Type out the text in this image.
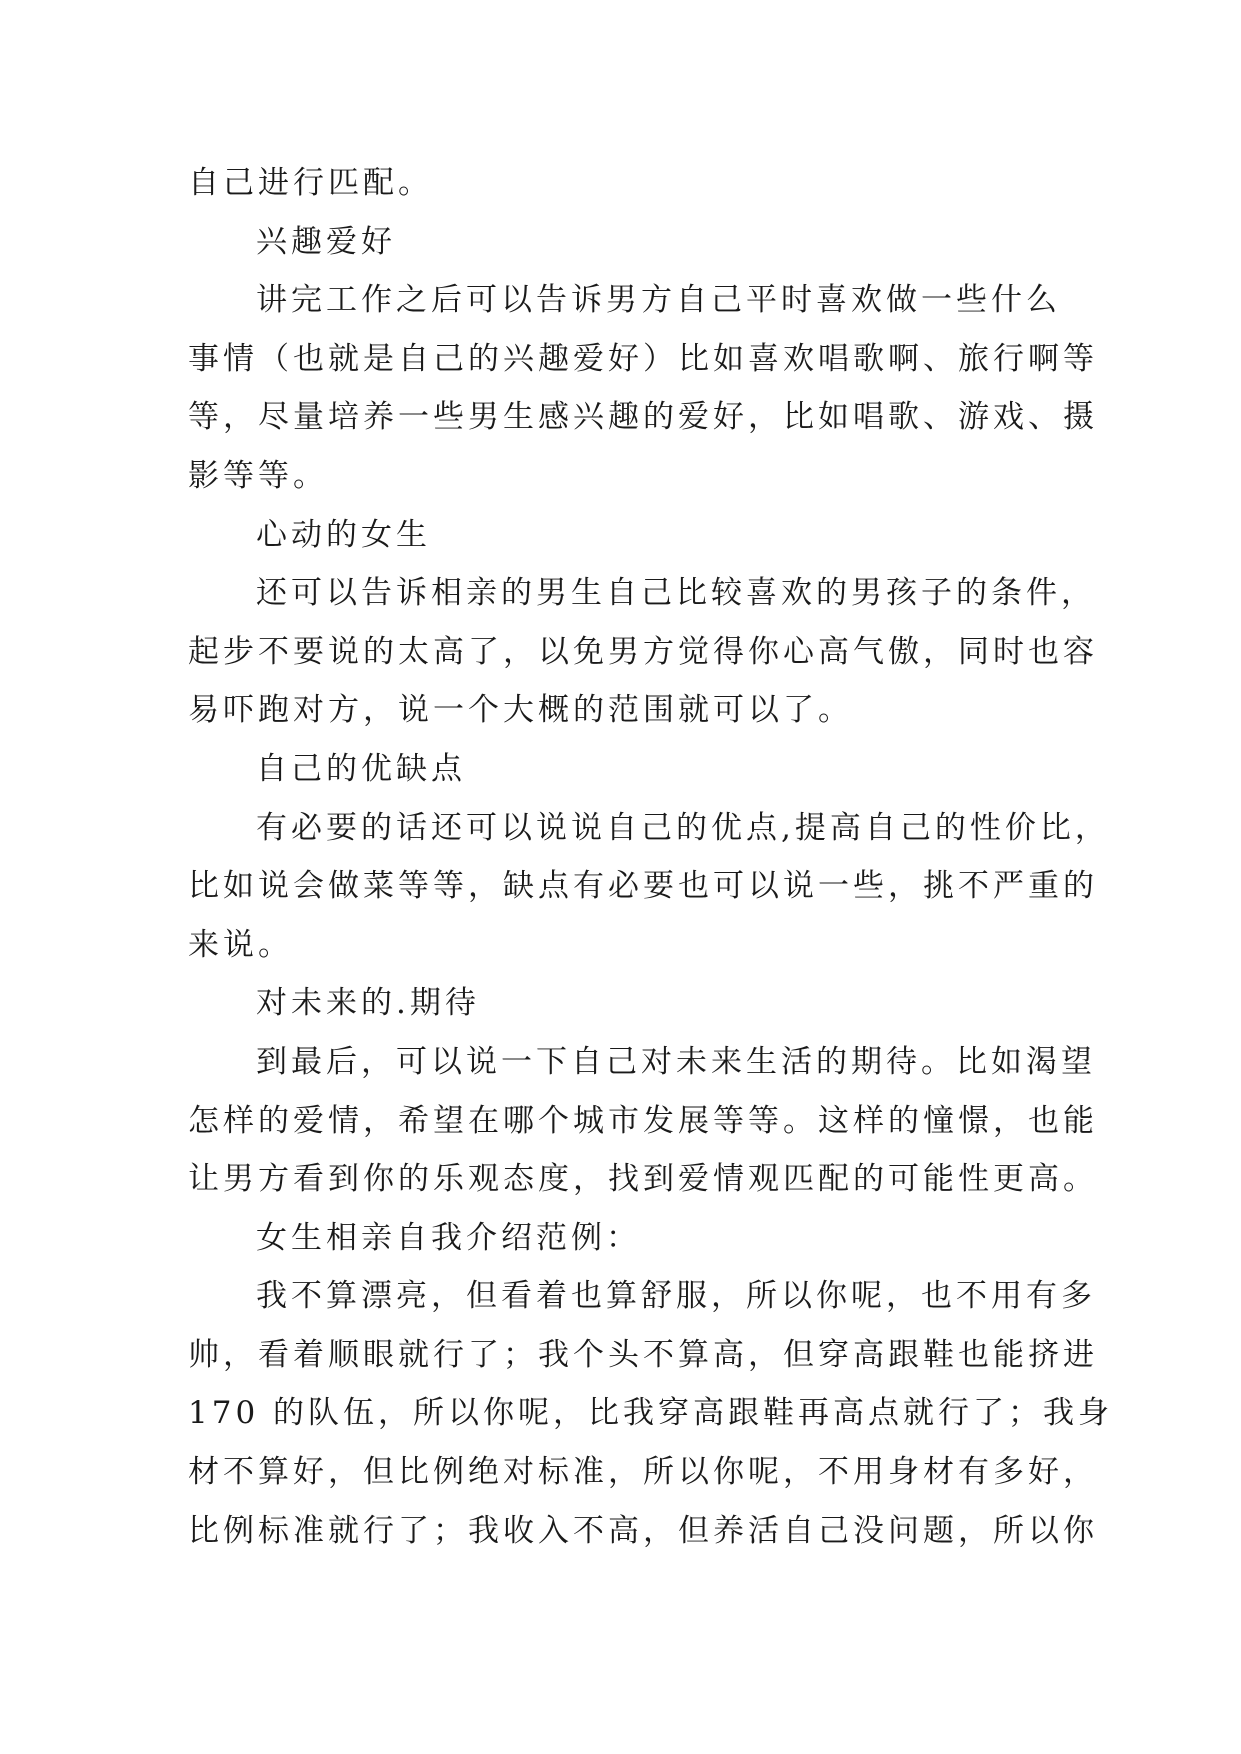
自己进行匹配。

兴趣爱好

讲完工作之后可以告诉男方自己平时喜欢做一些什么

事情（也就是自己的兴趣爱好）比如喜欢唱歌啊、旅行啊等

等，尽量培养一些男生感兴趣的爱好，比如唱歌、游戏、摄

影等等。

心动的女生

还可以告诉相亲的男生自己比较喜欢的男孩子的条件，

起步不要说的太高了，以免男方觉得你心高气傲，同时也容

易吓跑对方，说一个大概的范围就可以了。

自己的优缺点

有必要的话还可以说说自己的优点,提高自己的性价比，

比如说会做菜等等，缺点有必要也可以说一些，挑不严重的

来说。

对未来的.期待

到最后，可以说一下自己对未来生活的期待。比如渴望

怎样的爱情，希望在哪个城市发展等等。这样的憧憬，也能

让男方看到你的乐观态度，找到爱情观匹配的可能性更高。

女生相亲自我介绍范例：

我不算漂亮，但看着也算舒服，所以你呢，也不用有多

帅，看着顺眼就行了；我个头不算高，但穿高跟鞋也能挤进

170 的队伍，所以你呢，比我穿高跟鞋再高点就行了；我身

材不算好，但比例绝对标准，所以你呢，不用身材有多好，

比例标准就行了；我收入不高，但养活自己没问题，所以你
